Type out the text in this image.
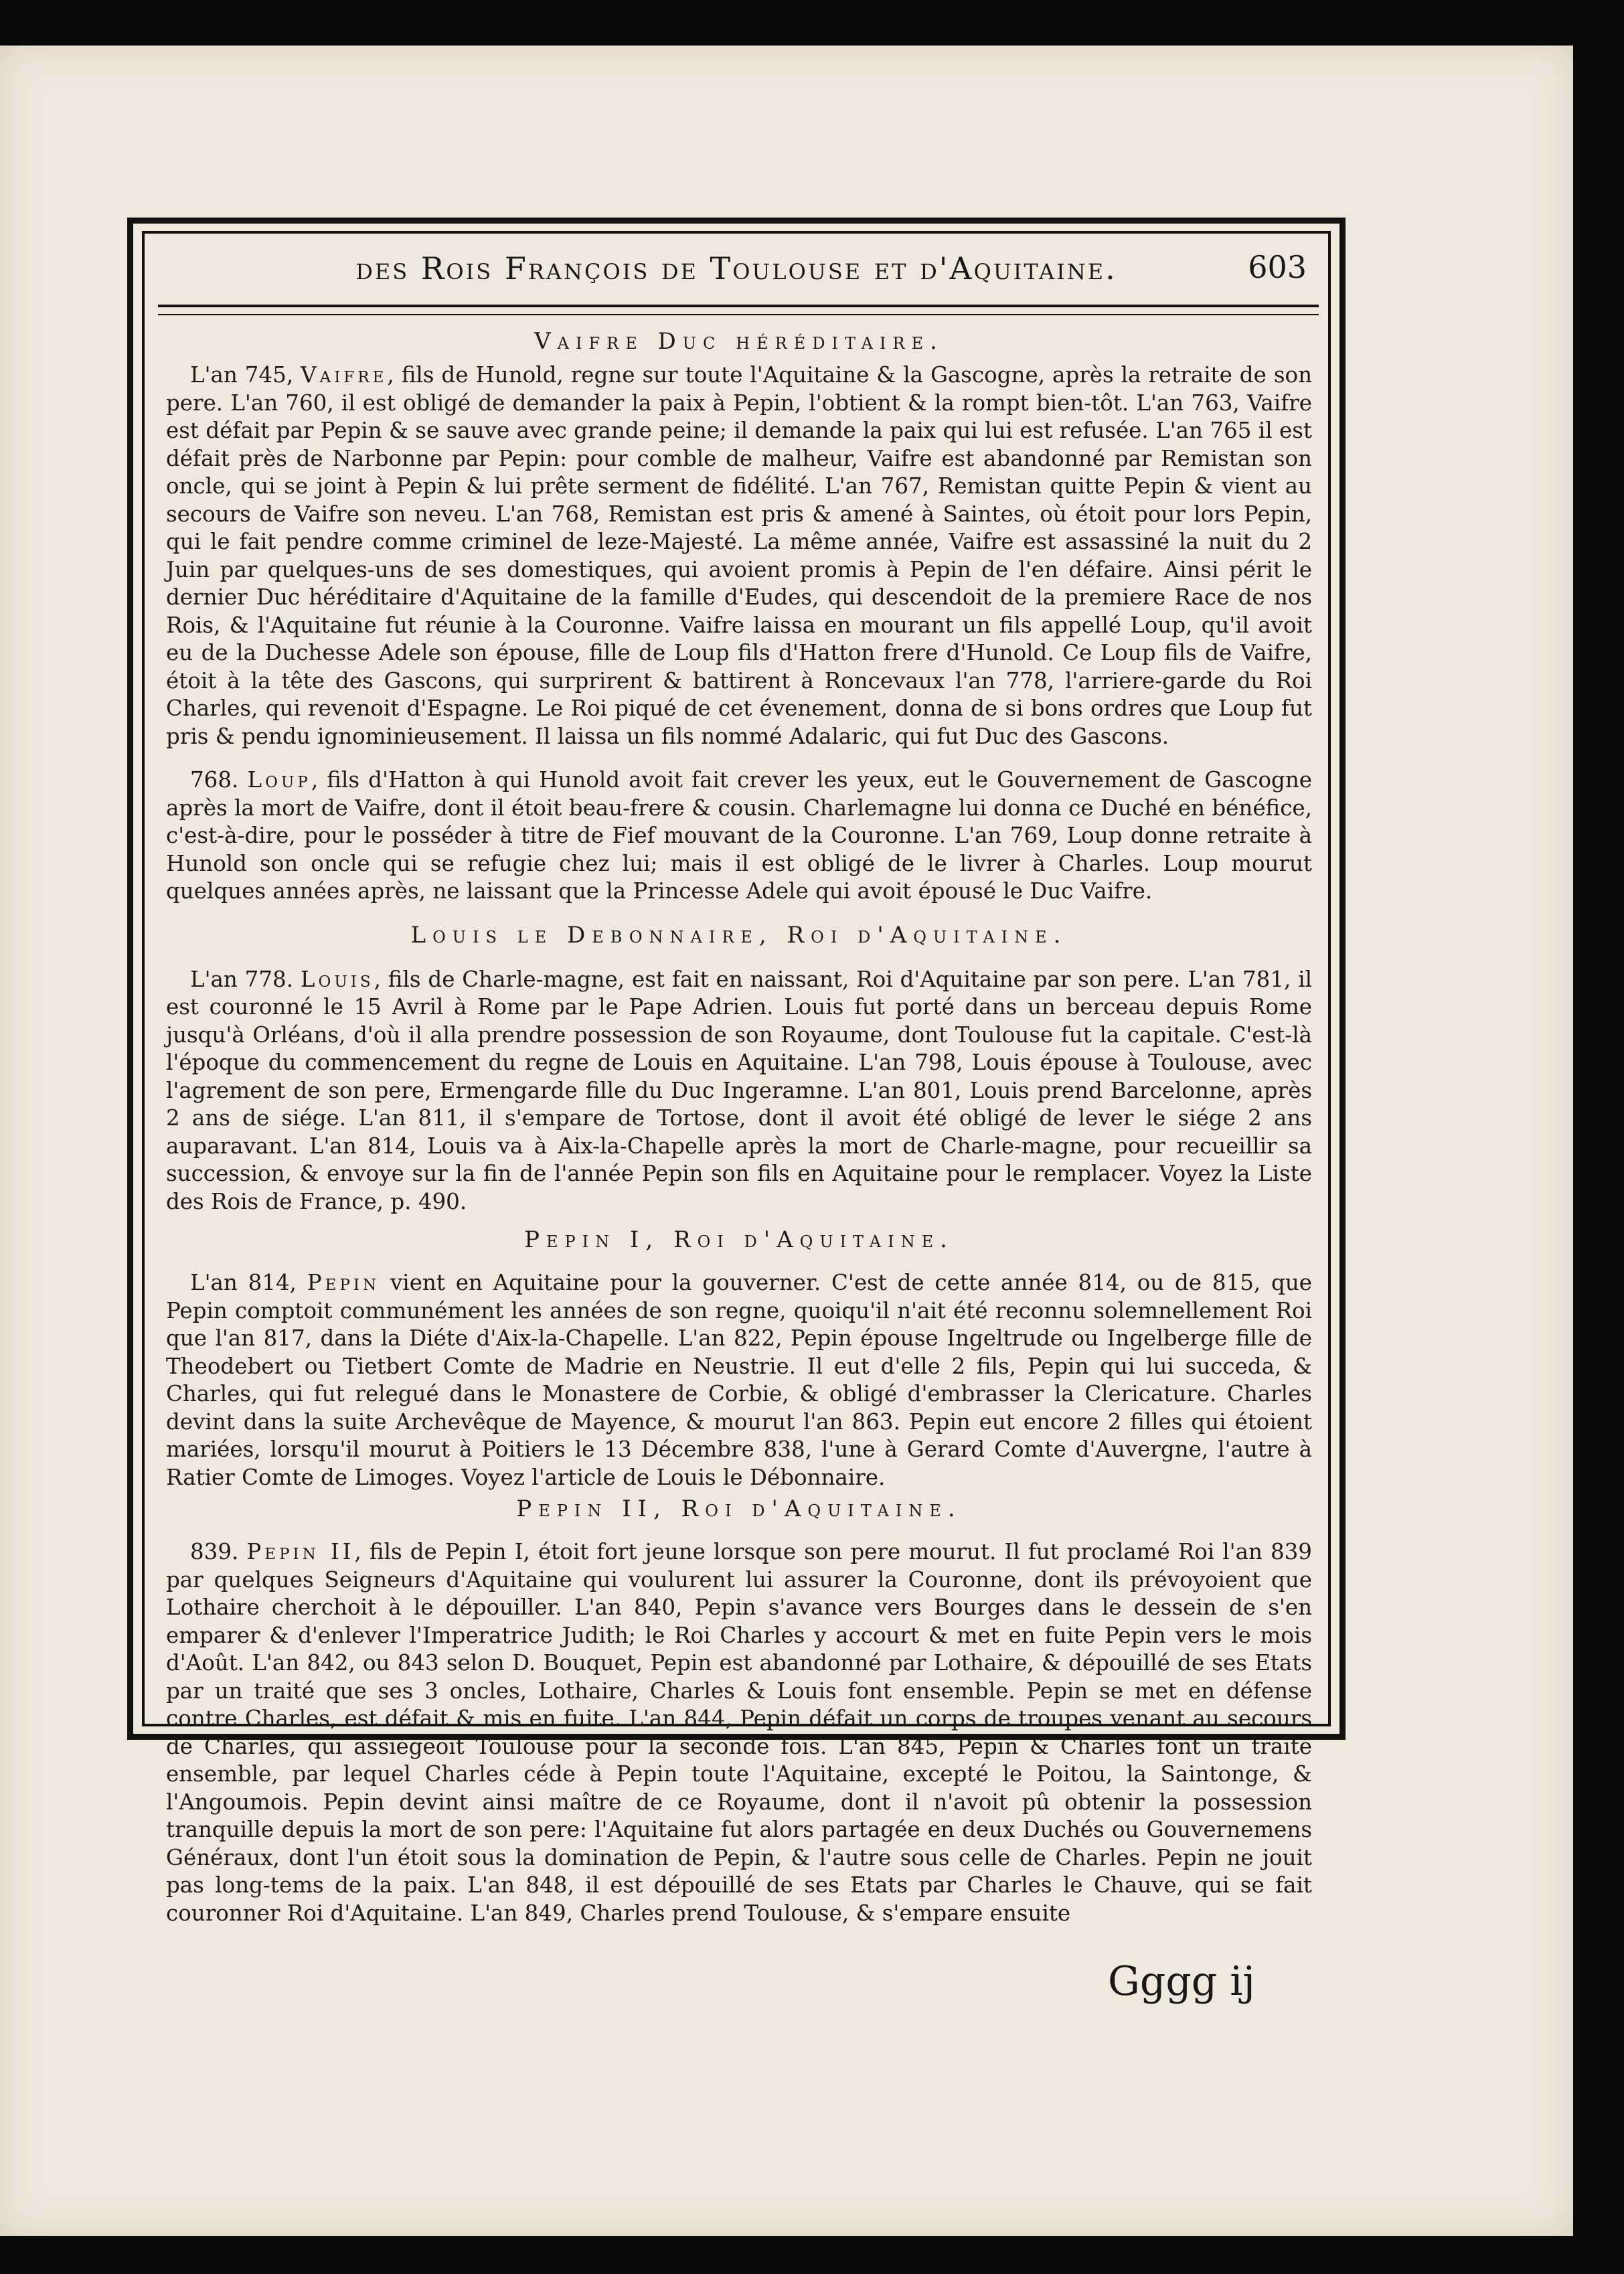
des Rois François de Toulouse et d'Aquitaine.	603
Vaifre Duc héréditaire.

L'an 745, Vaifre, fils de Hunold, regne sur toute l'Aquitaine & la Gascogne, après la retraite de son pere. L'an 760, il est obligé de demander la paix à Pepin, l'obtient & la rompt bien-tôt. L'an 763, Vaifre est défait par Pepin & se sauve avec grande peine; il demande la paix qui lui est refusée. L'an 765 il est défait près de Narbonne par Pepin: pour comble de malheur, Vaifre est abandonné par Remistan son oncle, qui se joint à Pepin & lui prête serment de fidélité. L'an 767, Remistan quitte Pepin & vient au secours de Vaifre son neveu. L'an 768, Remistan est pris & amené à Saintes, où étoit pour lors Pepin, qui le fait pendre comme criminel de leze-Majesté. La même année, Vaifre est assassiné la nuit du 2 Juin par quelques-uns de ses domestiques, qui avoient promis à Pepin de l'en défaire. Ainsi périt le dernier Duc héréditaire d'Aquitaine de la famille d'Eudes, qui descendoit de la premiere Race de nos Rois, & l'Aquitaine fut réunie à la Couronne. Vaifre laissa en mourant un fils appellé Loup, qu'il avoit eu de la Duchesse Adele son épouse, fille de Loup fils d'Hatton frere d'Hunold. Ce Loup fils de Vaifre, étoit à la tête des Gascons, qui surprirent & battirent à Roncevaux l'an 778, l'arriere-garde du Roi Charles, qui revenoit d'Espagne. Le Roi piqué de cet évenement, donna de si bons ordres que Loup fut pris & pendu ignominieusement. Il laissa un fils nommé Adalaric, qui fut Duc des Gascons.

768. Loup, fils d'Hatton à qui Hunold avoit fait crever les yeux, eut le Gouvernement de Gascogne après la mort de Vaifre, dont il étoit beau-frere & cousin. Charlemagne lui donna ce Duché en bénéfice, c'est-à-dire, pour le posséder à titre de Fief mouvant de la Couronne. L'an 769, Loup donne retraite à Hunold son oncle qui se refugie chez lui; mais il est obligé de le livrer à Charles. Loup mourut quelques années après, ne laissant que la Princesse Adele qui avoit épousé le Duc Vaifre.

Louis le Debonnaire, Roi d'Aquitaine.

L'an 778. Louis, fils de Charle-magne, est fait en naissant, Roi d'Aquitaine par son pere. L'an 781, il est couronné le 15 Avril à Rome par le Pape Adrien. Louis fut porté dans un berceau depuis Rome jusqu'à Orléans, d'où il alla prendre possession de son Royaume, dont Toulouse fut la capitale. C'est-là l'époque du commencement du regne de Louis en Aquitaine. L'an 798, Louis épouse à Toulouse, avec l'agrement de son pere, Ermengarde fille du Duc Ingeramne. L'an 801, Louis prend Barcelonne, après 2 ans de siége. L'an 811, il s'empare de Tortose, dont il avoit été obligé de lever le siége 2 ans auparavant. L'an 814, Louis va à Aix-la-Chapelle après la mort de Charle-magne, pour recueillir sa succession, & envoye sur la fin de l'année Pepin son fils en Aquitaine pour le remplacer. Voyez la Liste des Rois de France, p. 490.

Pepin I, Roi d'Aquitaine.

L'an 814, Pepin vient en Aquitaine pour la gouverner. C'est de cette année 814, ou de 815, que Pepin comptoit communément les années de son regne, quoiqu'il n'ait été reconnu solemnellement Roi que l'an 817, dans la Diéte d'Aix-la-Chapelle. L'an 822, Pepin épouse Ingeltrude ou Ingelberge fille de Theodebert ou Tietbert Comte de Madrie en Neustrie. Il eut d'elle 2 fils, Pepin qui lui succeda, & Charles, qui fut relegué dans le Monastere de Corbie, & obligé d'embrasser la Clericature. Charles devint dans la suite Archevêque de Mayence, & mourut l'an 863. Pepin eut encore 2 filles qui étoient mariées, lorsqu'il mourut à Poitiers le 13 Décembre 838, l'une à Gerard Comte d'Auvergne, l'autre à Ratier Comte de Limoges. Voyez l'article de Louis le Débonnaire.

Pepin II, Roi d'Aquitaine.

839. Pepin II, fils de Pepin I, étoit fort jeune lorsque son pere mourut. Il fut proclamé Roi l'an 839 par quelques Seigneurs d'Aquitaine qui voulurent lui assurer la Couronne, dont ils prévoyoient que Lothaire cherchoit à le dépouiller. L'an 840, Pepin s'avance vers Bourges dans le dessein de s'en emparer & d'enlever l'Imperatrice Judith; le Roi Charles y accourt & met en fuite Pepin vers le mois d'Août. L'an 842, ou 843 selon D. Bouquet, Pepin est abandonné par Lothaire, & dépouillé de ses Etats par un traité que ses 3 oncles, Lothaire, Charles & Louis font ensemble. Pepin se met en défense contre Charles, est défait & mis en fuite. L'an 844, Pepin défait un corps de troupes venant au secours de Charles, qui assiégeoit Toulouse pour la seconde fois. L'an 845, Pepin & Charles font un traité ensemble, par lequel Charles céde à Pepin toute l'Aquitaine, excepté le Poitou, la Saintonge, & l'Angoumois. Pepin devint ainsi maître de ce Royaume, dont il n'avoit pû obtenir la possession tranquille depuis la mort de son pere: l'Aquitaine fut alors partagée en deux Duchés ou Gouvernemens Généraux, dont l'un étoit sous la domination de Pepin, & l'autre sous celle de Charles. Pepin ne jouit pas long-tems de la paix. L'an 848, il est dépouillé de ses Etats par Charles le Chauve, qui se fait couronner Roi d'Aquitaine. L'an 849, Charles prend Toulouse, & s'empare ensuite

Gggg ij
